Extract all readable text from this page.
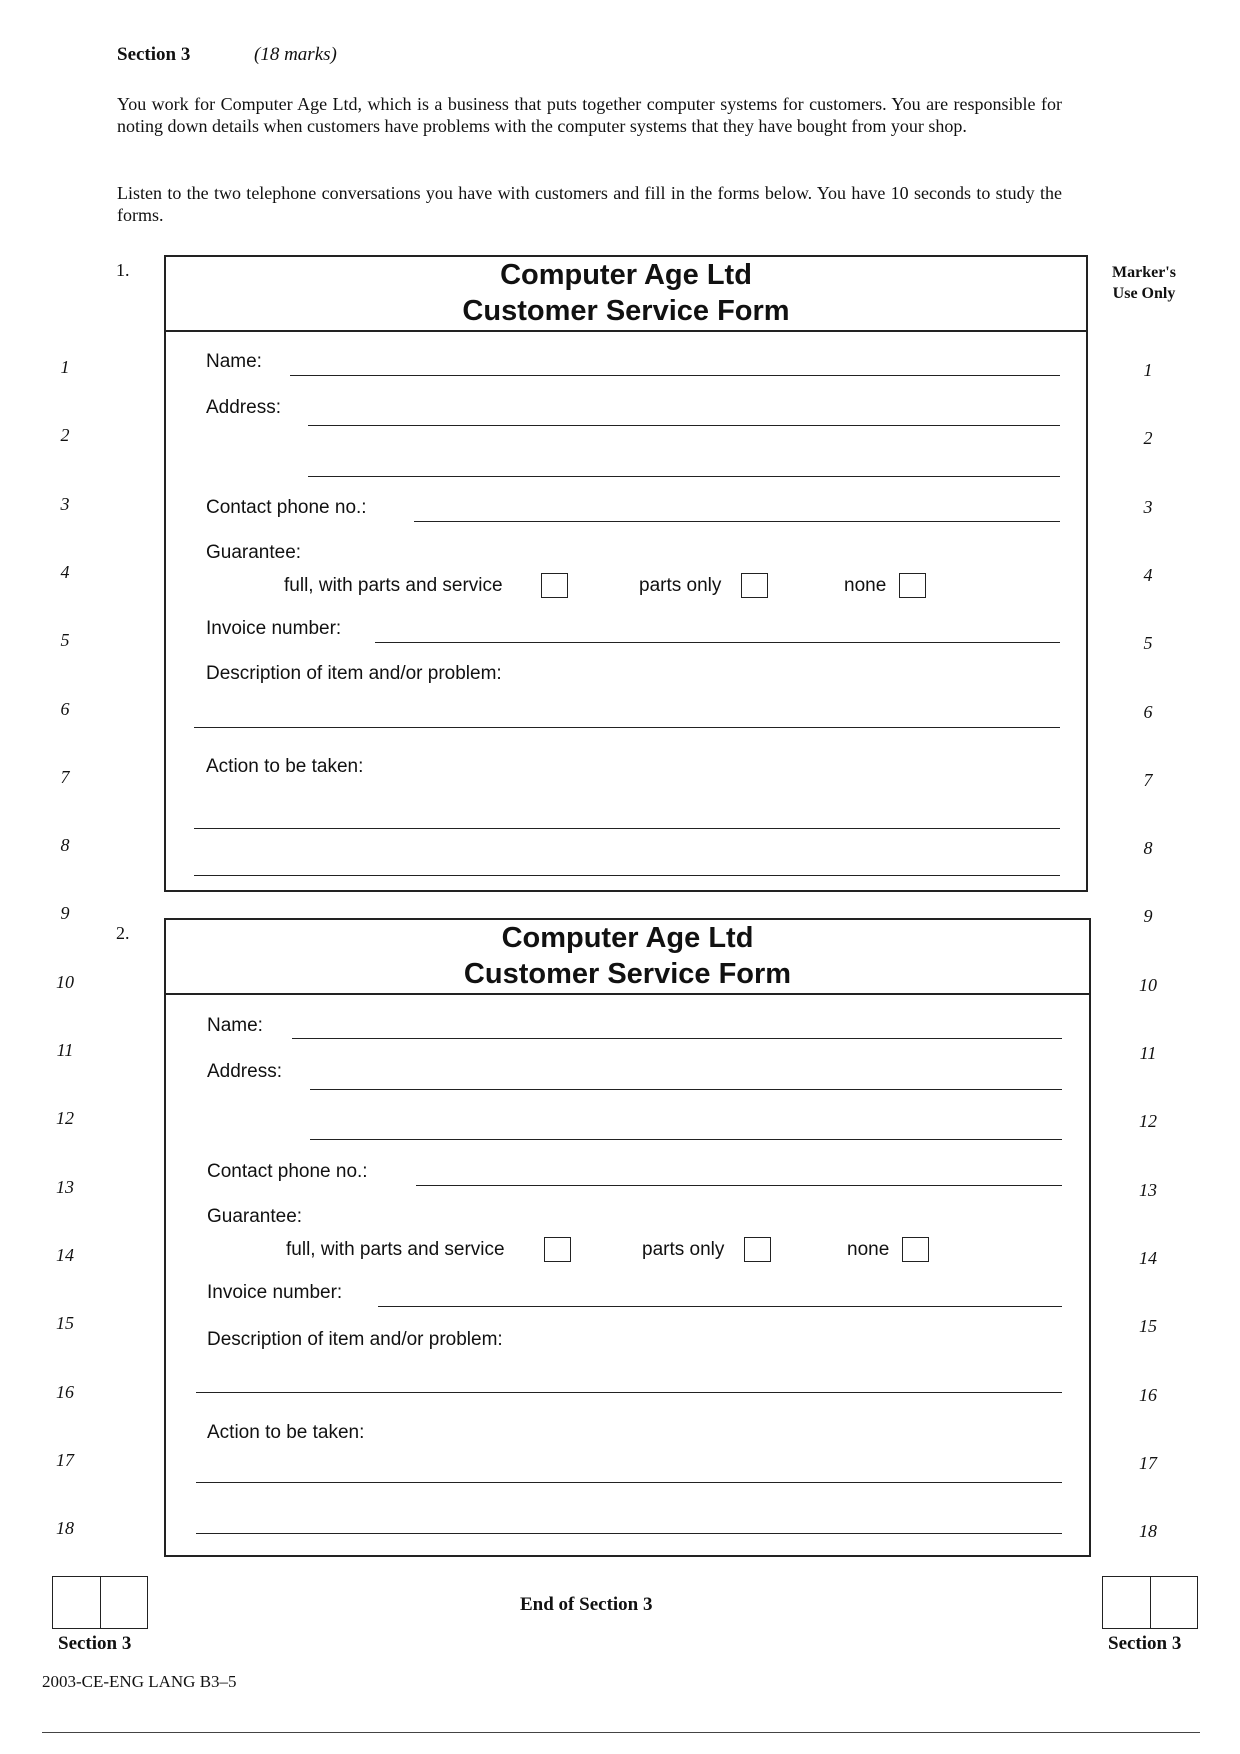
Section 3	(18 marks)
You work for Computer Age Ltd, which is a business that puts together computer systems for customers. You are responsible for noting down details when customers have problems with the computer systems that they have bought from your shop.
Listen to the two telephone conversations you have with customers and fill in the forms below. You have 10 seconds to study the forms.
Marker's
Use Only
1.	Computer Age Ltd
Customer Service Form
Name:
Address:
Contact phone no.:
Guarantee:
full, with parts and service	parts only	none
Invoice number:
Description of item and/or problem:
Action to be taken:
2.	Computer Age Ltd
Customer Service Form
Name:
Address:
Contact phone no.:
Guarantee:
full, with parts and service	parts only	none
Invoice number:
Description of item and/or problem:
Action to be taken:
1
2
3
4
5
6
7
8
9
10
11
12
13
14
15
16
17
18
1
2
3
4
5
6
7
8
9
10
11
12
13
14
15
16
17
18
Section 3
End of Section 3
Section 3
2003-CE-ENG LANG B3–5
